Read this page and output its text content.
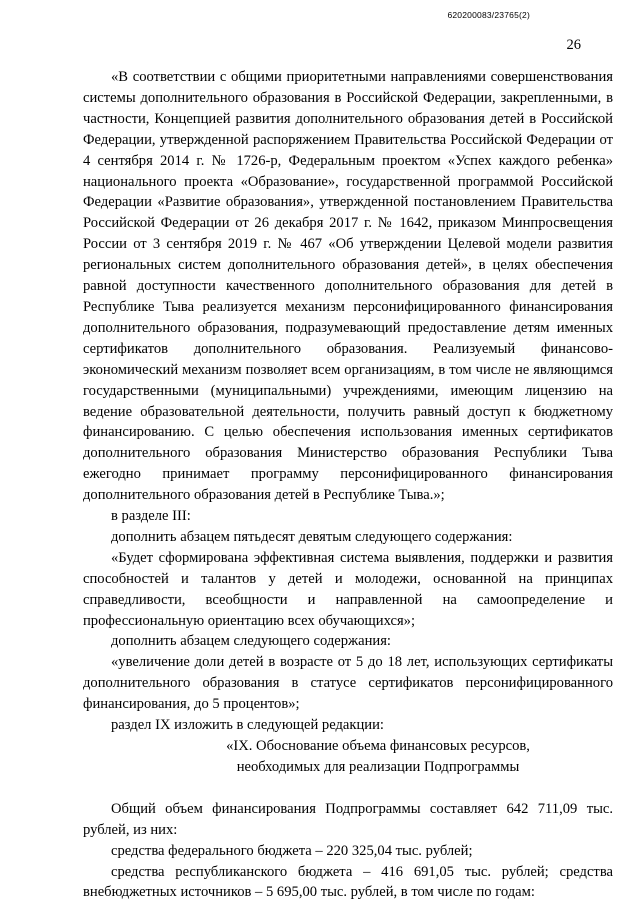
620200083/23765(2)
26

«В соответствии с общими приоритетными направлениями совершенствования системы дополнительного образования в Российской Федерации, закрепленными, в частности, Концепцией развития дополнительного образования детей в Российской Федерации, утвержденной распоряжением Правительства Российской Федерации от 4 сентября 2014 г. № 1726-р, Федеральным проектом «Успех каждого ребенка» национального проекта «Образование», государственной программой Российской Федерации «Развитие образования», утвержденной постановлением Правительства Российской Федерации от 26 декабря 2017 г. № 1642, приказом Минпросвещения России от 3 сентября 2019 г. № 467 «Об утверждении Целевой модели развития региональных систем дополнительного образования детей», в целях обеспечения равной доступности качественного дополнительного образования для детей в Республике Тыва реализуется механизм персонифицированного финансирования дополнительного образования, подразумевающий предоставление детям именных сертификатов дополнительного образования. Реализуемый финансово-экономический механизм позволяет всем организациям, в том числе не являющимся государственными (муниципальными) учреждениями, имеющим лицензию на ведение образовательной деятельности, получить равный доступ к бюджетному финансированию. С целью обеспечения использования именных сертификатов дополнительного образования Министерство образования Республики Тыва ежегодно принимает программу персонифицированного финансирования дополнительного образования детей в Республике Тыва.»;

в разделе III:

дополнить абзацем пятьдесят девятым следующего содержания:

«Будет сформирована эффективная система выявления, поддержки и развития способностей и талантов у детей и молодежи, основанной на принципах справедливости, всеобщности и направленной на самоопределение и профессиональную ориентацию всех обучающихся»;

дополнить абзацем следующего содержания:

«увеличение доли детей в возрасте от 5 до 18 лет, использующих сертификаты дополнительного образования в статусе сертификатов персонифицированного финансирования, до 5 процентов»;

раздел IX изложить в следующей редакции:

«IX. Обоснование объема финансовых ресурсов,

необходимых для реализации Подпрограммы

Общий объем финансирования Подпрограммы составляет 642 711,09 тыс. рублей, из них:

средства федерального бюджета – 220 325,04 тыс. рублей;

средства республиканского бюджета – 416 691,05 тыс. рублей; средства внебюджетных источников – 5 695,00 тыс. рублей, в том числе по годам:
